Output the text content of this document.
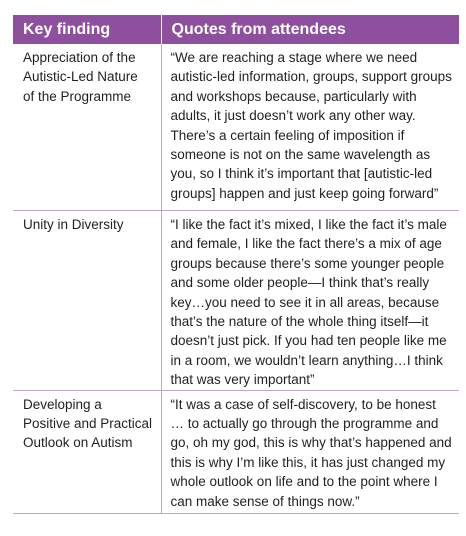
Key finding	Quotes from attendees
Appreciation of the Autistic-Led Nature of the Programme	“We are reaching a stage where we need autistic-led information, groups, support groups and workshops because, particularly with adults, it just doesn’t work any other way. There’s a certain feeling of imposition if someone is not on the same wavelength as you, so I think it’s important that [autistic-led groups] happen and just keep going forward”
Unity in Diversity	“I like the fact it’s mixed, I like the fact it’s male and female, I like the fact there’s a mix of age groups because there’s some younger people and some older people—I think that’s really key…you need to see it in all areas, because that’s the nature of the whole thing itself—it doesn’t just pick. If you had ten people like me in a room, we wouldn’t learn anything…I think that was very important”
Developing a Positive and Practical Outlook on Autism	“It was a case of self-discovery, to be honest … to actually go through the programme and go, oh my god, this is why that’s happened and this is why I’m like this, it has just changed my whole outlook on life and to the point where I can make sense of things now.”
